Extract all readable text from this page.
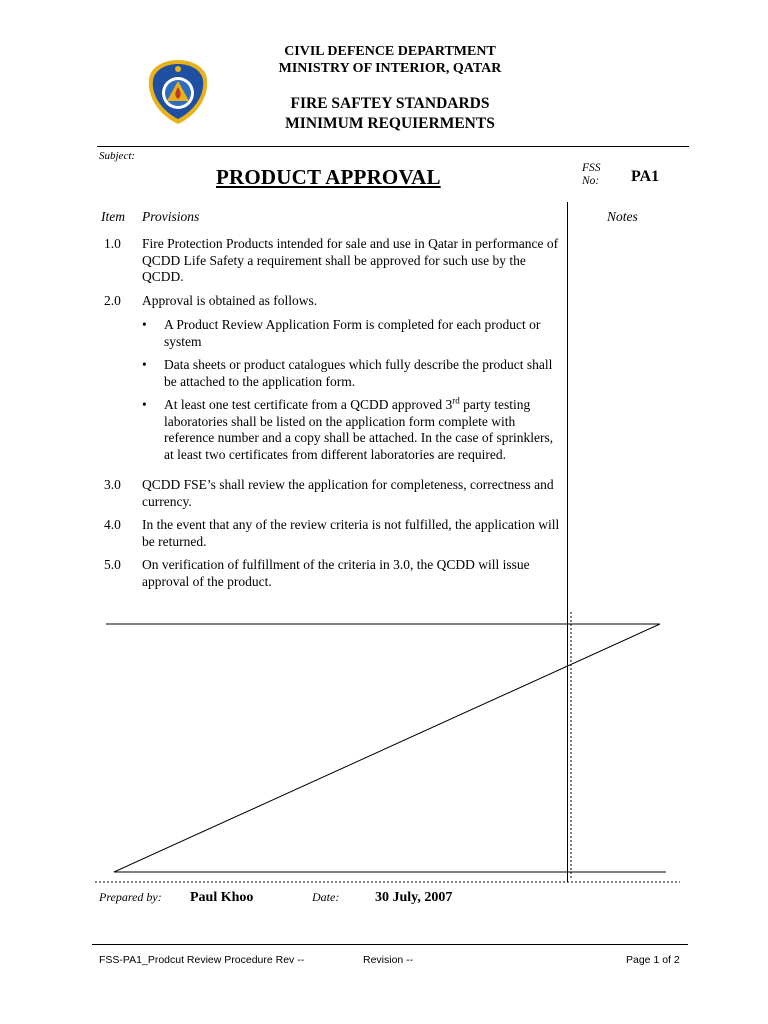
CIVIL DEFENCE DEPARTMENT
MINISTRY OF INTERIOR, QATAR
FIRE SAFTEY STANDARDS
MINIMUM REQUIERMENTS
Subject:
PRODUCT APPROVAL	FSS
No:	PA1
Item Provisions	Notes
1.0	Fire Protection Products intended for sale and use in Qatar in performance of QCDD Life Safety a requirement shall be approved for such use by the QCDD.
2.0	Approval is obtained as follows.
•	A Product Review Application Form is completed for each product or system
•	Data sheets or product catalogues which fully describe the product shall be attached to the application form.
•	At least one test certificate from a QCDD approved 3rd party testing laboratories shall be listed on the application form complete with reference number and a copy shall be attached. In the case of sprinklers, at least two certificates from different laboratories are required.
3.0	QCDD FSE’s shall review the application for completeness, correctness and currency.
4.0	In the event that any of the review criteria is not fulfilled, the application will be returned.
5.0	On verification of fulfillment of the criteria in 3.0, the QCDD will issue approval of the product.
Prepared by: Paul Khoo	Date:	30 July, 2007
FSS-PA1_Prodcut Review Procedure Rev --	Revision --	Page 1 of 2
